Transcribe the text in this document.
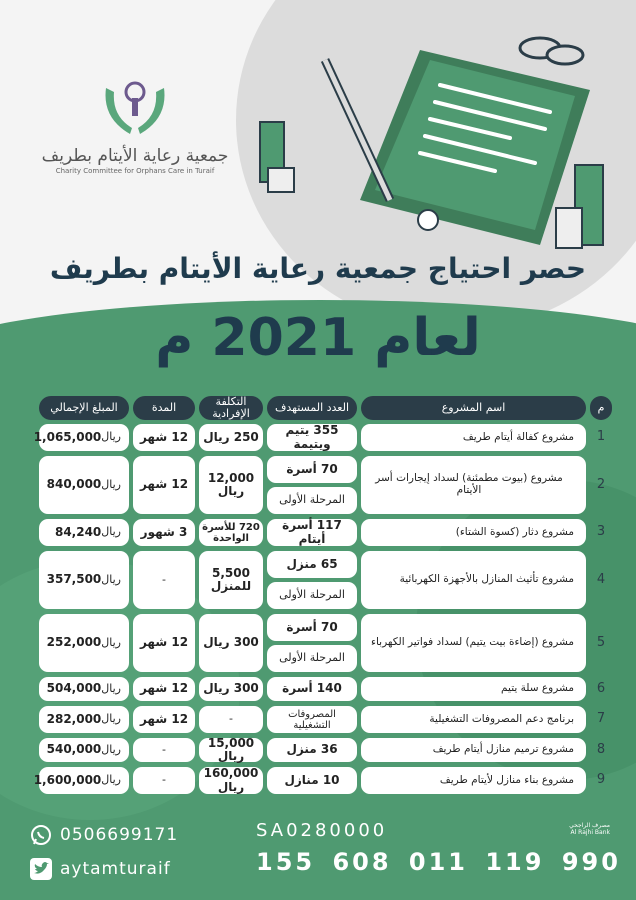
جمعية رعاية الأيتام بطريف
Charity Committee for Orphans Care in Turaif
حصر احتياج جمعية رعاية الأيتام بطريف
لعام 2021 م
م
اسم المشروع
العدد المستهدف
التكلفة الإفرادية
المدة
المبلغ الإجمالي
1
مشروع كفالة أيتام طريف
355 يتيم ويتيمة
250 ريال
12 شهر
ريال
1,065,000
2
مشروع (بيوت مطمئنة) لسداد إيجارات أسر الأيتام
70 أسرة
المرحلة الأولى
12,000 ريال
12 شهر
ريال
840,000
3
مشروع دثار (كسوة الشتاء)
117 أسرة أيتام
720 للأسرة الواحدة
3 شهور
ريال
84,240
4
مشروع تأثيث المنازل بالأجهزة الكهربائية
65 منزل
المرحلة الأولى
5,500 للمنزل
-
ريال
357,500
5
مشروع (إضاءة بيت يتيم) لسداد فواتير الكهرباء
70 أسرة
المرحلة الأولى
300 ريال
12 شهر
ريال
252,000
6
مشروع سلة يتيم
140 أسرة
300 ريال
12 شهر
ريال
504,000
7
برنامج دعم المصروفات التشغيلية
المصروفات التشغيلية
-
12 شهر
ريال
282,000
8
مشروع ترميم منازل أيتام طريف
36 منزل
15,000 ريال
-
ريال
540,000
9
مشروع بناء منازل لأيتام طريف
10 منازل
160,000 ريال
-
ريال
1,600,000
0506699171
aytamturaif
SA0280000
155 608 011 119 990
مصرف الراجحي
Al Rajhi Bank
